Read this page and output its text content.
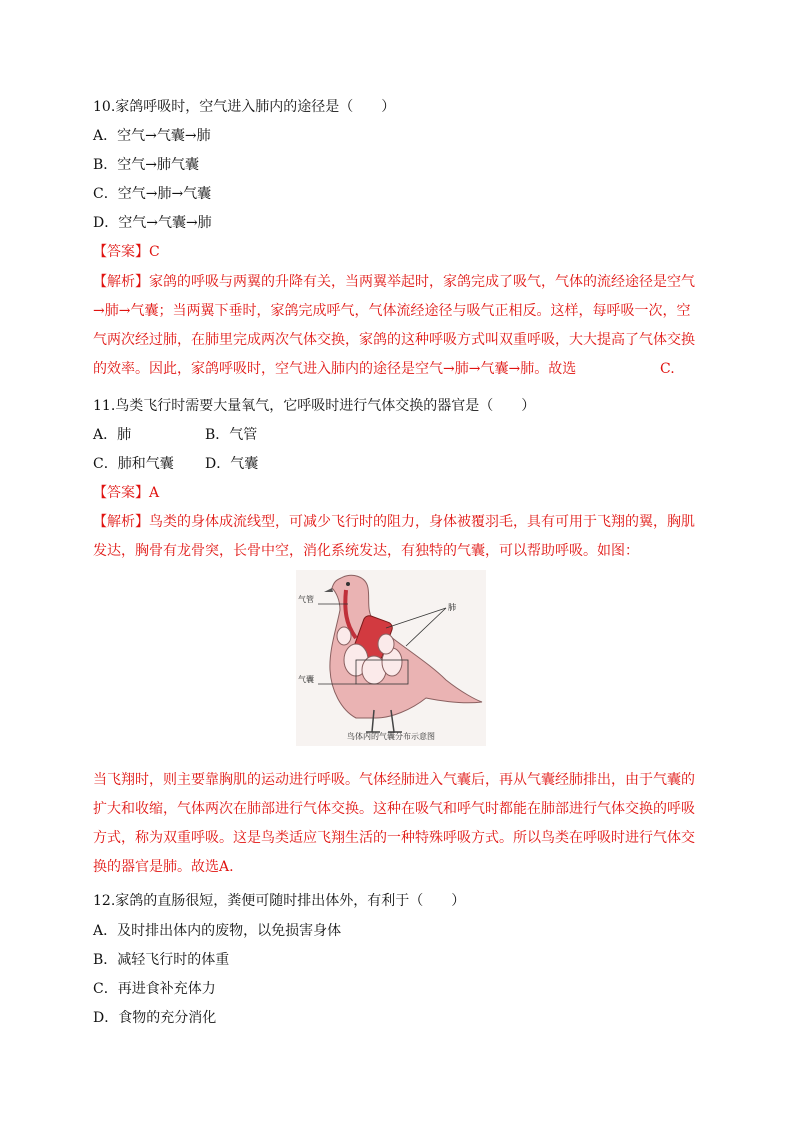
10.家鸽呼吸时，空气进入肺内的途径是（　　）
A．空气→气囊→肺
B．空气→肺气囊
C．空气→肺→气囊
D．空气→气囊→肺
【答案】C
【解析】家鸽的呼吸与两翼的升降有关，当两翼举起时，家鸽完成了吸气，气体的流经途径是空气
→肺→气囊；当两翼下垂时，家鸽完成呼气，气体流经途径与吸气正相反。这样，每呼吸一次，空
气两次经过肺，在肺里完成两次气体交换，家鸽的这种呼吸方式叫双重呼吸，大大提高了气体交换
的效率。因此，家鸽呼吸时，空气进入肺内的途径是空气→肺→气囊→肺。故选	C.
11.鸟类飞行时需要大量氧气，它呼吸时进行气体交换的器官是（　　）
A．肺	B．气管
C．肺和气囊 D．气囊
【答案】A
【解析】鸟类的身体成流线型，可减少飞行时的阻力，身体被覆羽毛，具有可用于飞翔的翼，胸肌
发达，胸骨有龙骨突，长骨中空，消化系统发达，有独特的气囊，可以帮助呼吸。如图：
气管
肺
气囊
鸟体内的气囊分布示意图
当飞翔时，则主要靠胸肌的运动进行呼吸。气体经肺进入气囊后，再从气囊经肺排出，由于气囊的
扩大和收缩，气体两次在肺部进行气体交换。这种在吸气和呼气时都能在肺部进行气体交换的呼吸
方式，称为双重呼吸。这是鸟类适应飞翔生活的一种特殊呼吸方式。所以鸟类在呼吸时进行气体交
换的器官是肺。故选A.
12.家鸽的直肠很短，粪便可随时排出体外，有利于（　　）
A．及时排出体内的废物，以免损害身体
B．减轻飞行时的体重
C．再进食补充体力
D．食物的充分消化
